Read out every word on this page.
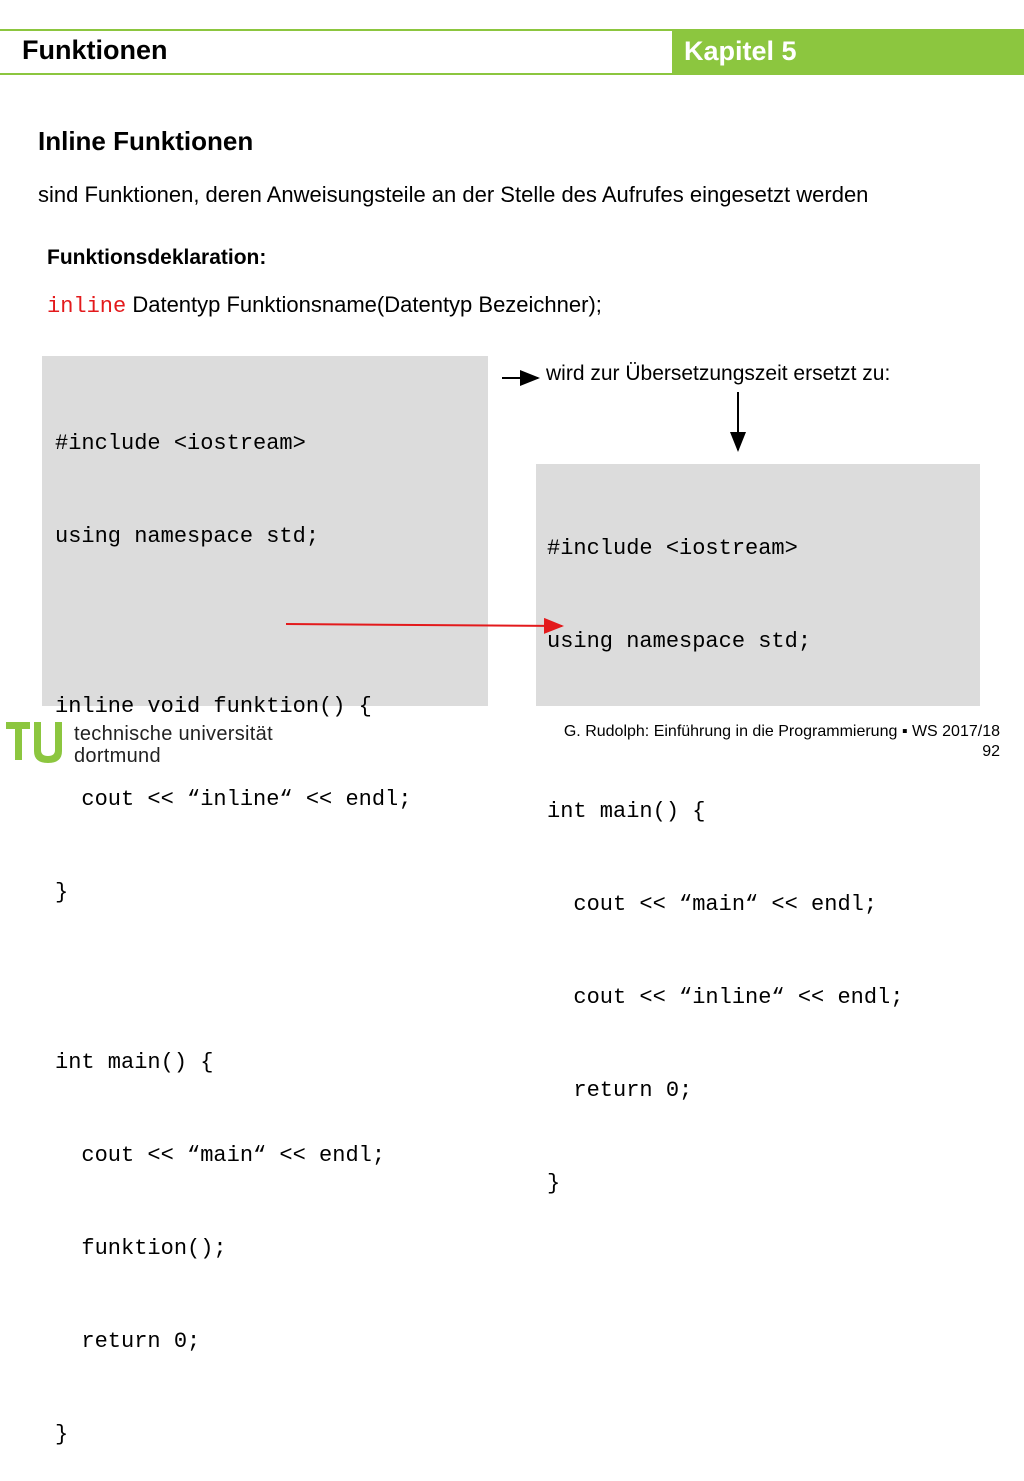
Funktionen	Kapitel 5
Inline Funktionen
sind Funktionen, deren Anweisungsteile an der Stelle des Aufrufes eingesetzt werden
Funktionsdeklaration:
inline Datentyp Funktionsname(Datentyp Bezeichner);

#include <iostream>

using namespace std;

inline void funktion() {

cout << “inline“ << endl;

}

int main() {

cout << “main“ << endl;

funktion();

return 0;

}

wird zur Übersetzungszeit ersetzt zu:

#include <iostream>

using namespace std;

int main() {

cout << “main“ << endl;

cout << “inline“ << endl;

return 0;

}

technische universität
dortmund
G. Rudolph: Einführung in die Programmierung ▪ WS 2017/18
92
